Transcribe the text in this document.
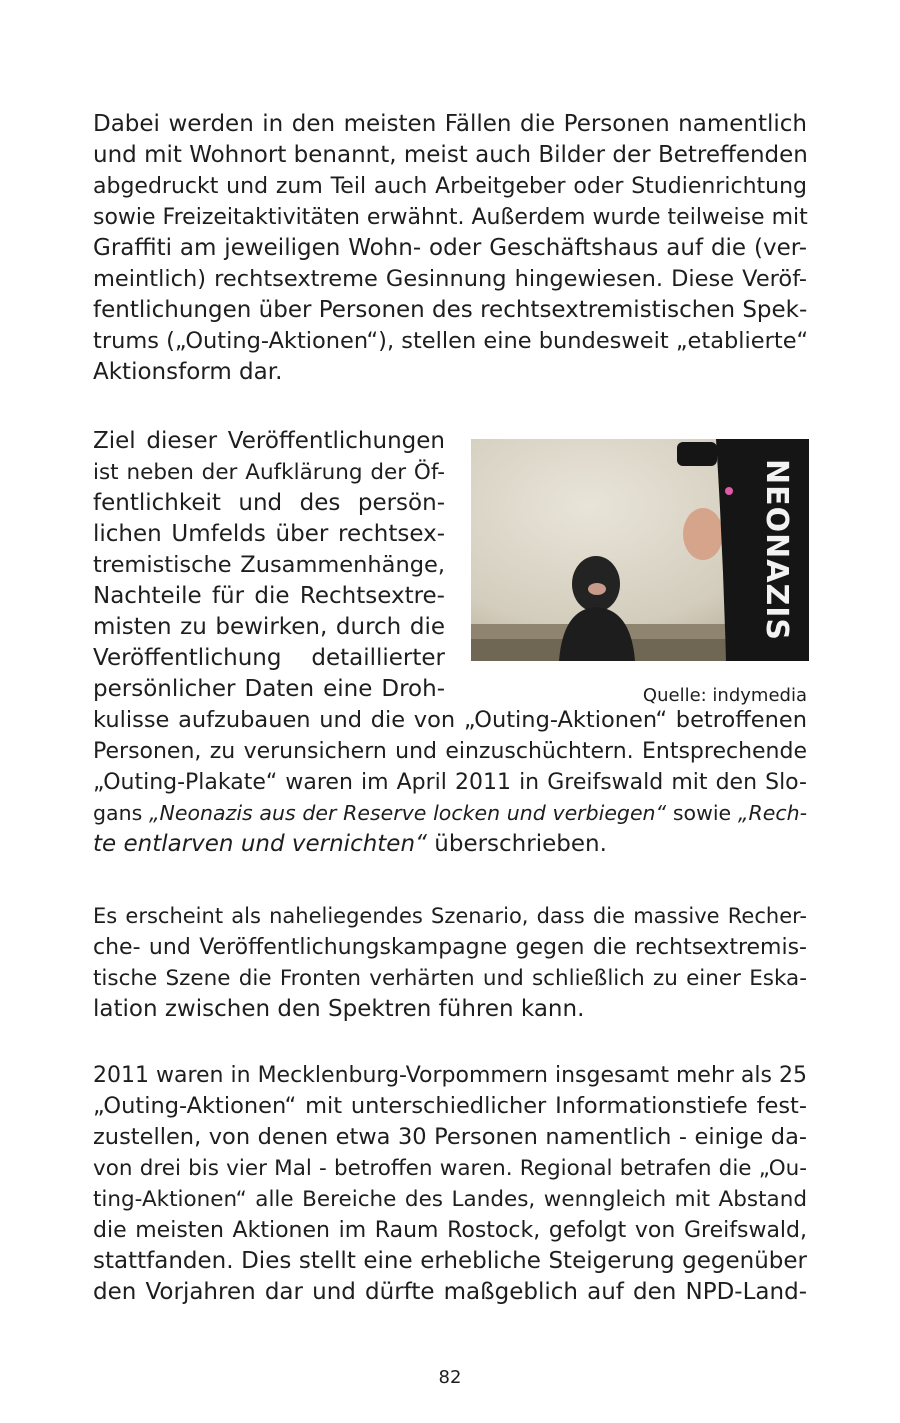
Dabei werden in den meisten Fällen die Personen namentlich
und mit Wohnort benannt, meist auch Bilder der Betreffenden
abgedruckt und zum Teil auch Arbeitgeber oder Studienrichtung
sowie Freizeitaktivitäten erwähnt. Außerdem wurde teilweise mit
Graffiti am jeweiligen Wohn- oder Geschäftshaus auf die (ver-
meintlich) rechtsextreme Gesinnung hingewiesen. Diese Veröf-
fentlichungen über Personen des rechtsextremistischen Spek-
trums („Outing-Aktionen“), stellen eine bundesweit „etablierte“
Aktionsform dar.
Ziel dieser Veröffentlichungen
ist neben der Aufklärung der Öf-
fentlichkeit und des persön-
lichen Umfelds über rechtsex-
tremistische Zusammenhänge,
Nachteile für die Rechtsextre-
misten zu bewirken, durch die
Veröffentlichung detaillierter
persönlicher Daten eine Droh-
kulisse aufzubauen und die von „Outing-Aktionen“ betroffenen
Personen, zu verunsichern und einzuschüchtern. Entsprechende
„Outing-Plakate“ waren im April 2011 in Greifswald mit den Slo-
gans „Neonazis aus der Reserve locken und verbiegen“ sowie „Rech-
te entlarven und vernichten“ überschrieben.
NEONAZIS
Quelle: indymedia
Es erscheint als naheliegendes Szenario, dass die massive Recher-
che- und Veröffentlichungskampagne gegen die rechtsextremis-
tische Szene die Fronten verhärten und schließlich zu einer Eska-
lation zwischen den Spektren führen kann.
2011 waren in Mecklenburg-Vorpommern insgesamt mehr als 25
„Outing-Aktionen“ mit unterschiedlicher Informationstiefe fest-
zustellen, von denen etwa 30 Personen namentlich - einige da-
von drei bis vier Mal - betroffen waren. Regional betrafen die „Ou-
ting-Aktionen“ alle Bereiche des Landes, wenngleich mit Abstand
die meisten Aktionen im Raum Rostock, gefolgt von Greifswald,
stattfanden. Dies stellt eine erhebliche Steigerung gegenüber
den Vorjahren dar und dürfte maßgeblich auf den NPD-Land-
82
